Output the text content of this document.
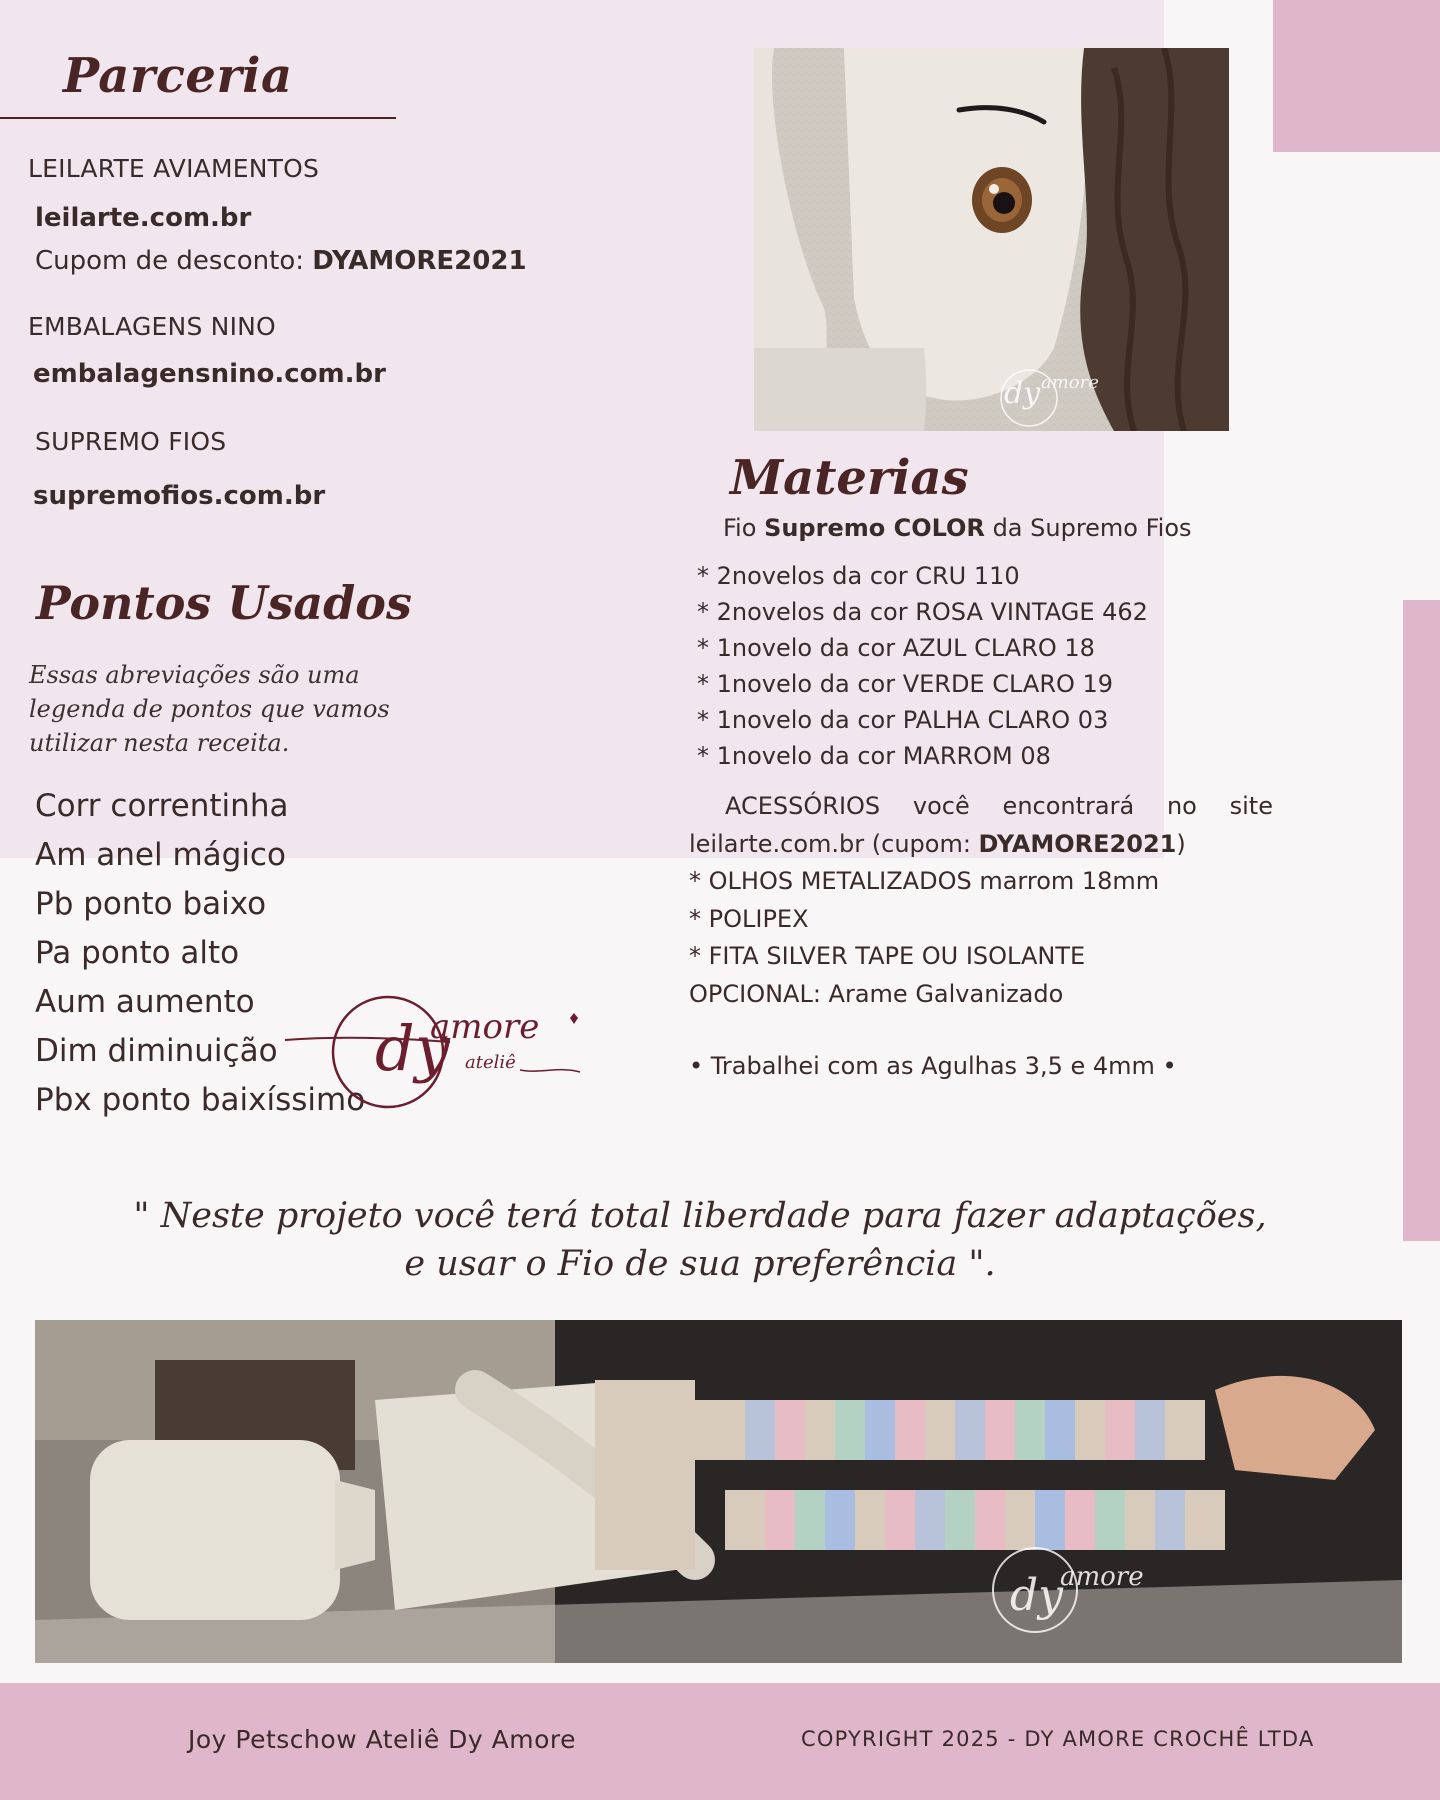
Parceria
LEILARTE AVIAMENTOS
leilarte.com.br
Cupom de desconto: DYAMORE2021
EMBALAGENS NINO
embalagensnino.com.br
SUPREMO FIOS
supremofios.com.br
Pontos Usados
Essas abreviações são uma legenda de pontos que vamos utilizar nesta receita.
Corr correntinha
Am anel mágico
Pb ponto baixo
Pa ponto alto
Aum aumento
Dim diminuição
Pbx ponto baixíssimo
dy
amore
ateliê
dy amore
Materias
Fio Supremo COLOR da Supremo Fios
* 2novelos da cor CRU 110
* 2novelos da cor ROSA VINTAGE 462
* 1novelo da cor AZUL CLARO 18
* 1novelo da cor VERDE CLARO 19
* 1novelo da cor PALHA CLARO 03
* 1novelo da cor MARROM 08
ACESSÓRIOS você encontrará no site
leilarte.com.br (cupom: DYAMORE2021)
* OLHOS METALIZADOS marrom 18mm
* POLIPEX
* FITA SILVER TAPE OU ISOLANTE
OPCIONAL: Arame Galvanizado
• Trabalhei com as Agulhas 3,5 e 4mm •
" Neste projeto você terá total liberdade para fazer adaptações,
e usar o Fio de sua preferência ".
dy
amore
Joy Petschow Ateliê Dy Amore	COPYRIGHT 2025 - DY AMORE CROCHÊ LTDA
